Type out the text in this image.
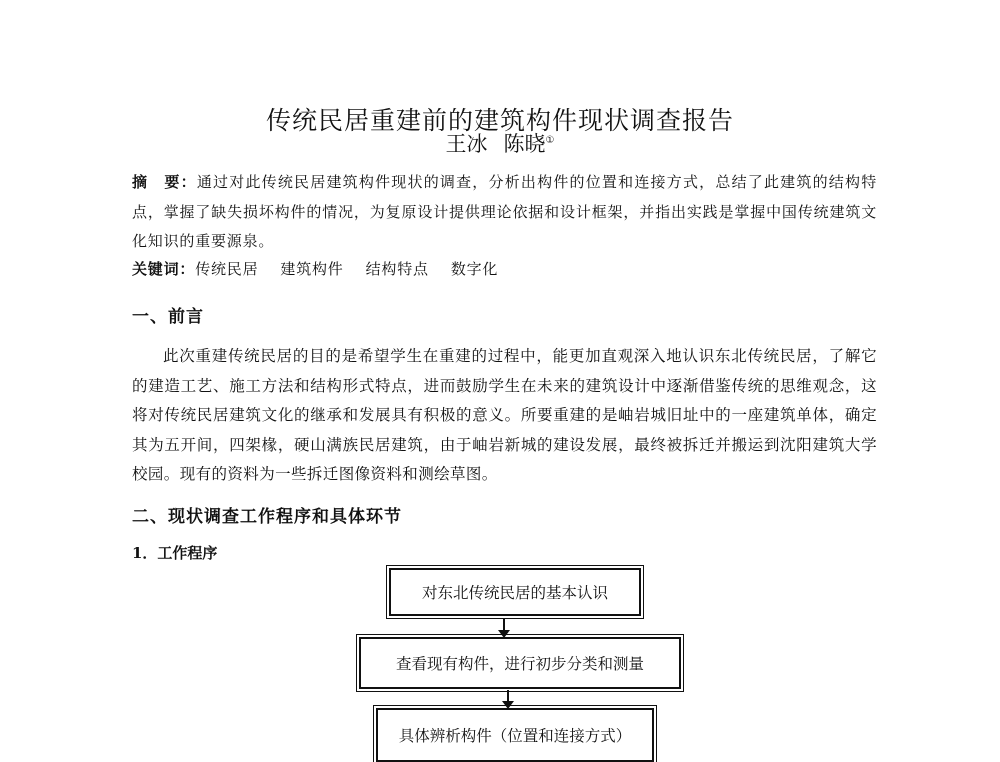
传统民居重建前的建筑构件现状调查报告
王冰 陈晓①

摘　要：通过对此传统民居建筑构件现状的调查，分析出构件的位置和连接方式，总结了此建筑的结构特点，掌握了缺失损坏构件的情况，为复原设计提供理论依据和设计框架，并指出实践是掌握中国传统建筑文化知识的重要源泉。

关键词：传统民居 建筑构件 结构特点 数字化
一、前言

此次重建传统民居的目的是希望学生在重建的过程中，能更加直观深入地认识东北传统民居，了解它的建造工艺、施工方法和结构形式特点，进而鼓励学生在未来的建筑设计中逐渐借鉴传统的思维观念，这将对传统民居建筑文化的继承和发展具有积极的意义。所要重建的是岫岩城旧址中的一座建筑单体，确定其为五开间，四架椽，硬山满族民居建筑，由于岫岩新城的建设发展，最终被拆迁并搬运到沈阳建筑大学校园。现有的资料为一些拆迁图像资料和测绘草图。

二、现状调查工作程序和具体环节
1．工作程序
对东北传统民居的基本认识
查看现有构件，进行初步分类和测量
具体辨析构件（位置和连接方式）
